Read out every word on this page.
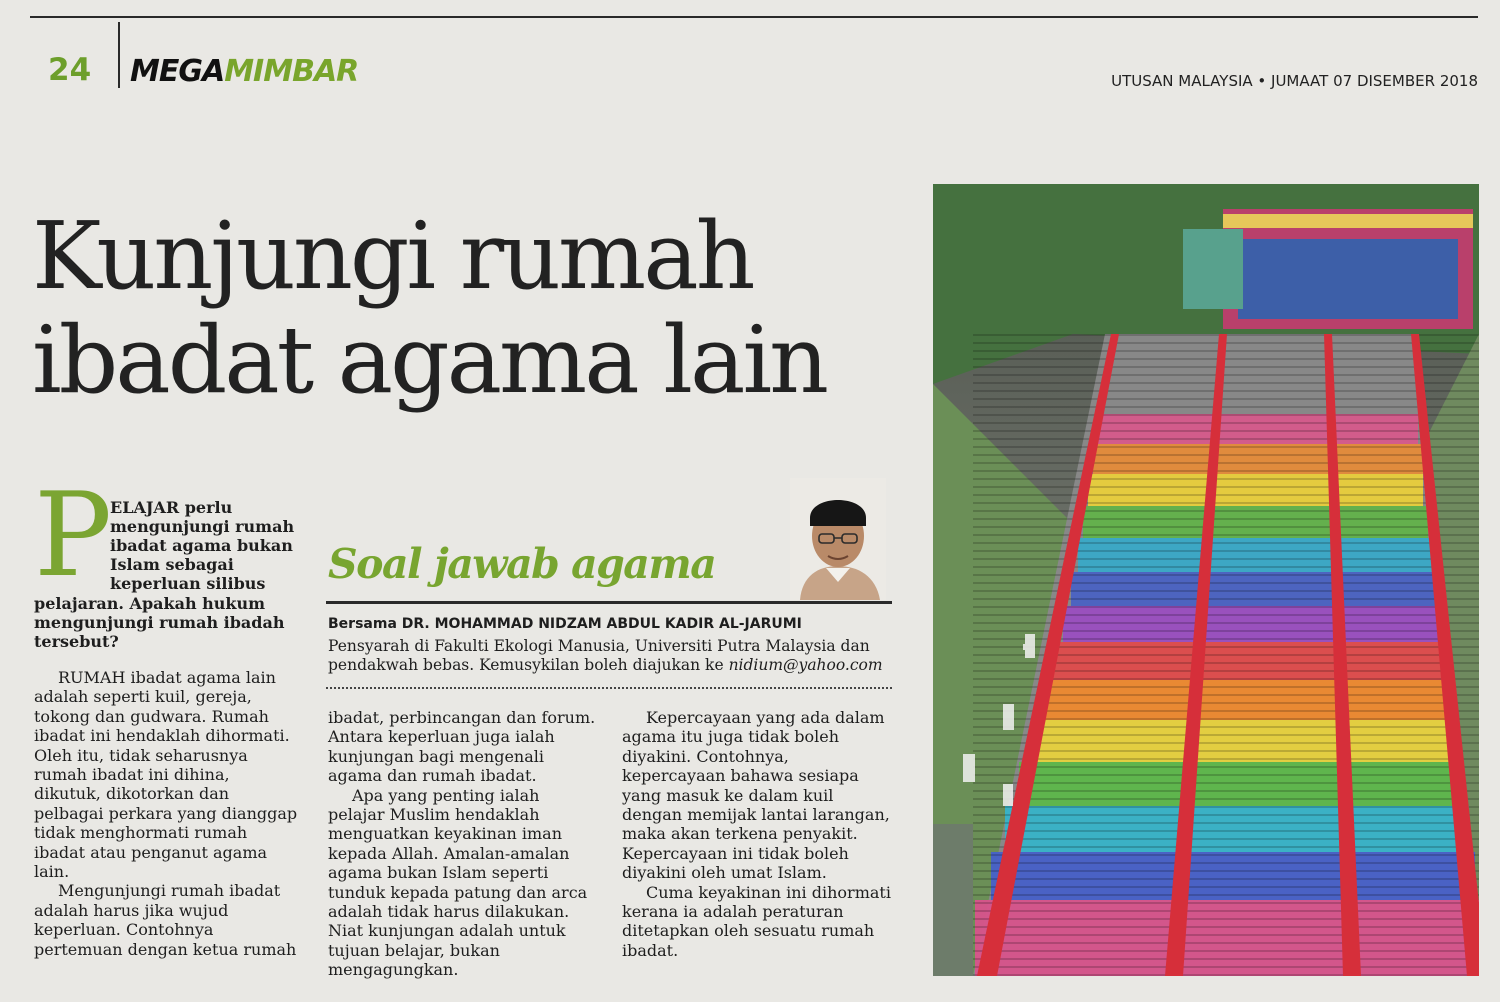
24 MEGAMIMBAR	UTUSAN MALAYSIA • JUMAAT 07 DISEMBER 2018
Kunjungi rumah
ibadat agama lain
P

ELAJAR perlu mengunjungi rumah ibadat agama bukan Islam sebagai keperluan silibus

pelajaran. Apakah hukum mengunjungi rumah ibadah tersebut?

Soal jawab agama
Bersama DR. MOHAMMAD NIDZAM ABDUL KADIR AL-JARUMI

Pensyarah di Fakulti Ekologi Manusia, Universiti Putra Malaysia dan pendakwah bebas. Kemusykilan boleh diajukan ke nidium@yahoo.com

RUMAH ibadat agama lain adalah seperti kuil, gereja, tokong dan gudwara. Rumah ibadat ini hendaklah dihormati. Oleh itu, tidak seharusnya rumah ibadat ini dihina, dikutuk, dikotorkan dan pelbagai perkara yang dianggap tidak menghormati rumah ibadat atau penganut agama lain.

Mengunjungi rumah ibadat adalah harus jika wujud keperluan. Contohnya pertemuan dengan ketua rumah

ibadat, perbincangan dan forum. Antara keperluan juga ialah kunjungan bagi mengenali agama dan rumah ibadat.

Apa yang penting ialah pelajar Muslim hendaklah menguatkan keyakinan iman kepada Allah. Amalan-amalan agama bukan Islam seperti tunduk kepada patung dan arca adalah tidak harus dilakukan. Niat kunjungan adalah untuk tujuan belajar, bukan mengagungkan.

Kepercayaan yang ada dalam agama itu juga tidak boleh diyakini. Contohnya, kepercayaan bahawa sesiapa yang masuk ke dalam kuil dengan memijak lantai larangan, maka akan terkena penyakit. Kepercayaan ini tidak boleh diyakini oleh umat Islam.

Cuma keyakinan ini dihormati kerana ia adalah peraturan ditetapkan oleh sesuatu rumah ibadat.
